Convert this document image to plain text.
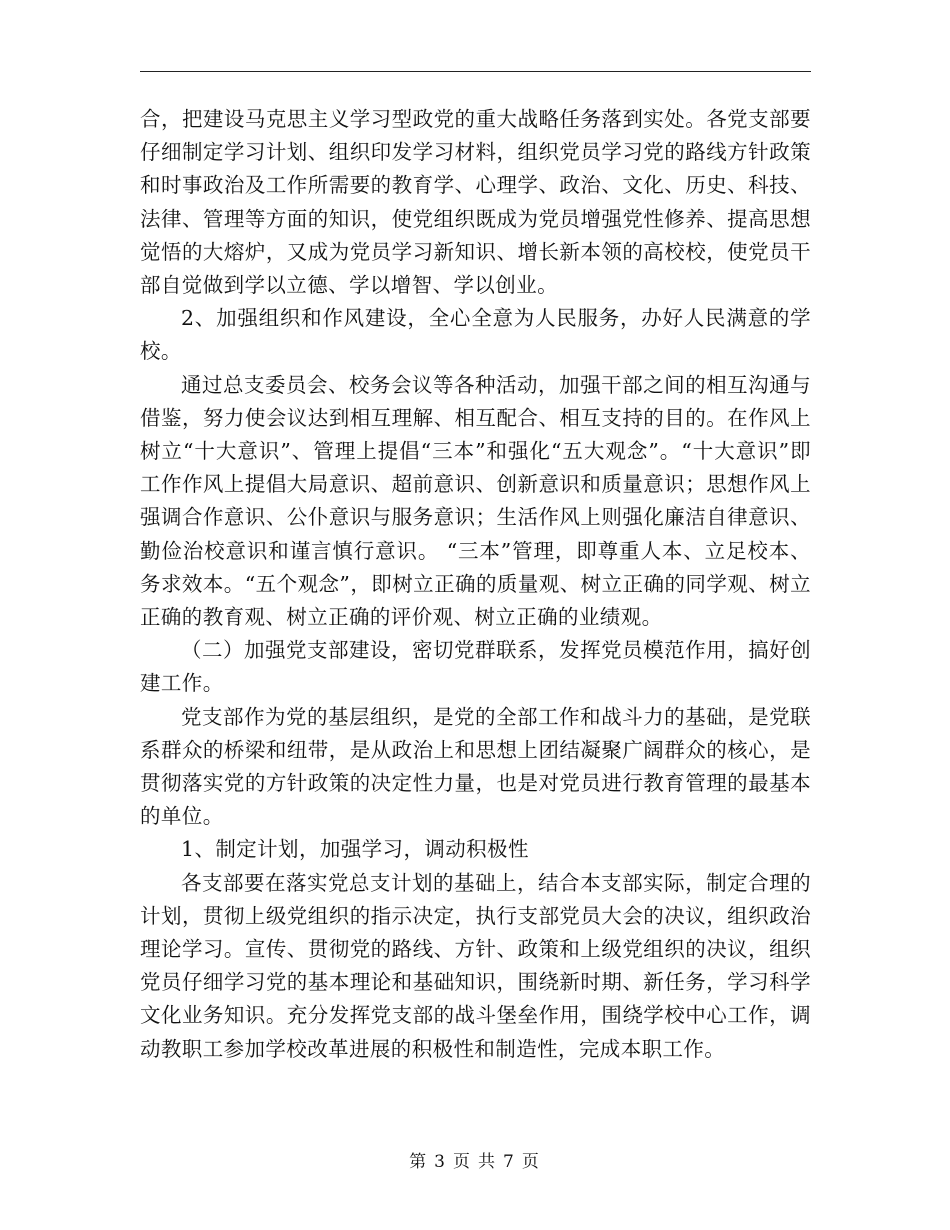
合，把建设马克思主义学习型政党的重大战略任务落到实处。各党支部要仔细制定学习计划、组织印发学习材料，组织党员学习党的路线方针政策和时事政治及工作所需要的教育学、心理学、政治、文化、历史、科技、法律、管理等方面的知识，使党组织既成为党员增强党性修养、提高思想觉悟的大熔炉，又成为党员学习新知识、增长新本领的高校校，使党员干部自觉做到学以立德、学以增智、学以创业。

2、加强组织和作风建设，全心全意为人民服务，办好人民满意的学校。

通过总支委员会、校务会议等各种活动，加强干部之间的相互沟通与借鉴，努力使会议达到相互理解、相互配合、相互支持的目的。在作风上树立“十大意识”、管理上提倡“三本”和强化“五大观念”。“十大意识”即工作作风上提倡大局意识、超前意识、创新意识和质量意识；思想作风上强调合作意识、公仆意识与服务意识；生活作风上则强化廉洁自律意识、勤俭治校意识和谨言慎行意识。 “三本”管理，即尊重人本、立足校本、务求效本。“五个观念”，即树立正确的质量观、树立正确的同学观、树立正确的教育观、树立正确的评价观、树立正确的业绩观。

（二）加强党支部建设，密切党群联系，发挥党员模范作用，搞好创建工作。

党支部作为党的基层组织，是党的全部工作和战斗力的基础，是党联系群众的桥梁和纽带，是从政治上和思想上团结凝聚广阔群众的核心，是贯彻落实党的方针政策的决定性力量，也是对党员进行教育管理的最基本的单位。

1、制定计划，加强学习，调动积极性

各支部要在落实党总支计划的基础上，结合本支部实际，制定合理的计划，贯彻上级党组织的指示决定，执行支部党员大会的决议，组织政治理论学习。宣传、贯彻党的路线、方针、政策和上级党组织的决议，组织党员仔细学习党的基本理论和基础知识，围绕新时期、新任务，学习科学文化业务知识。充分发挥党支部的战斗堡垒作用，围绕学校中心工作，调动教职工参加学校改革进展的积极性和制造性，完成本职工作。

第 3 页 共 7 页
